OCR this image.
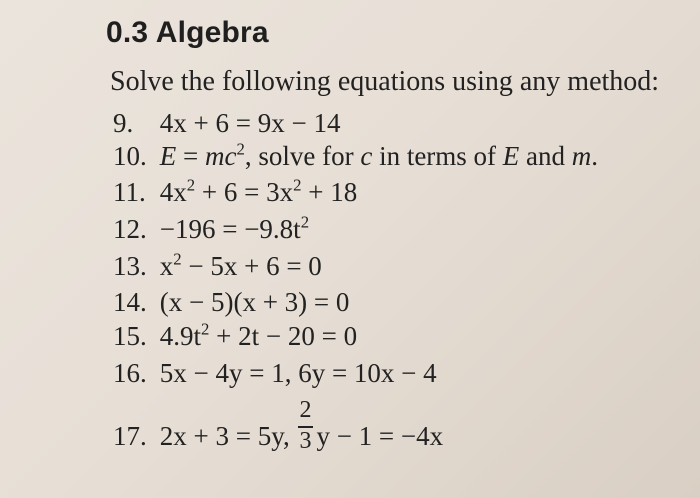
0.3 Algebra
Solve the following equations using any method:
9. 4x + 6 = 9x − 14
10. $E = mc^2$, solve for c in terms of E and m.
11. $4x^2 + 6 = 3x^2 + 18$
12. $-196 = -9.8t^2$
13. $x^2 - 5x + 6 = 0$
14. (x − 5)(x + 3) = 0
15. $4.9t^2 + 2t - 20 = 0$
16. 5x − 4y = 1, 6y = 10x − 4
17. 2x + 3 = 5y, $\frac{2}{3}$ y − 1 = −4x
